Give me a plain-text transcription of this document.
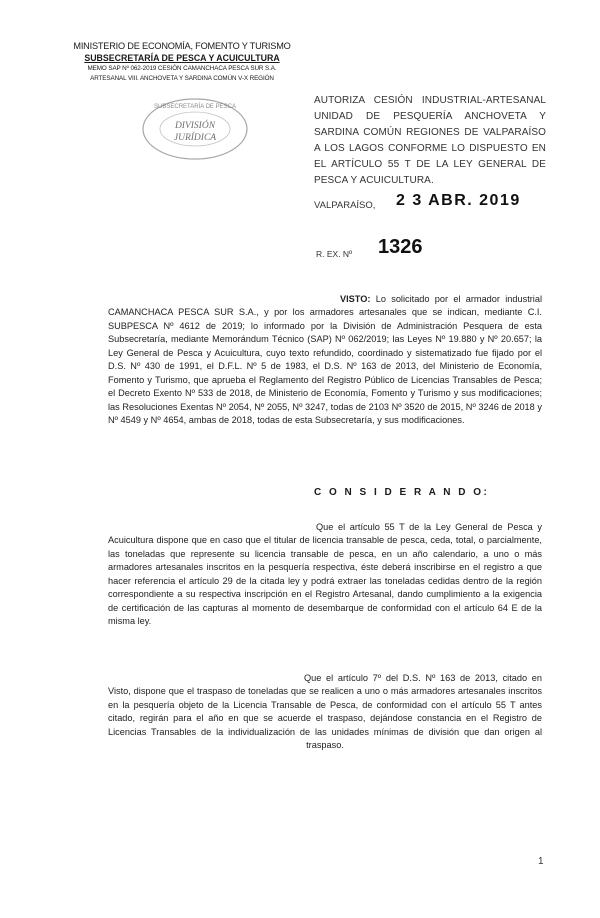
MINISTERIO DE ECONOMÍA, FOMENTO Y TURISMO
SUBSECRETARÍA DE PESCA Y ACUICULTURA
MEMO SAP Nº 062-2019 CESIÓN CAMANCHACA PESCA SUR S.A.
ARTESANAL VIII. ANCHOVETA Y SARDINA COMÚN V-X REGIÓN
SUBSECRETARÍA DE PESCA
DIVISIÓN
JURÍDICA
AUTORIZA CESIÓN INDUSTRIAL-ARTESANAL UNIDAD DE PESQUERÍA ANCHOVETA Y SARDINA COMÚN REGIONES DE VALPARAÍSO A LOS LAGOS CONFORME LO DISPUESTO EN EL ARTÍCULO 55 T DE LA LEY GENERAL DE PESCA Y ACUICULTURA.
VALPARAÍSO, 2 3 ABR. 2019
R. EX. Nº 1326
VISTO: Lo solicitado por el armador industrial CAMANCHACA PESCA SUR S.A., y por los armadores artesanales que se indican, mediante C.I. SUBPESCA Nº 4612 de 2019; lo informado por la División de Administración Pesquera de esta Subsecretaría, mediante Memorándum Técnico (SAP) Nº 062/2019; las Leyes Nº 19.880 y Nº 20.657; la Ley General de Pesca y Acuicultura, cuyo texto refundido, coordinado y sistematizado fue fijado por el D.S. Nº 430 de 1991, el D.F.L. Nº 5 de 1983, el D.S. Nº 163 de 2013, del Ministerio de Economía, Fomento y Turismo, que aprueba el Reglamento del Registro Público de Licencias Transables de Pesca; el Decreto Exento Nº 533 de 2018, de Ministerio de Economía, Fomento y Turismo y sus modificaciones; las Resoluciones Exentas Nº 2054, Nº 2055, Nº 3247, todas de 2103 Nº 3520 de 2015, Nº 3246 de 2018 y Nº 4549 y Nº 4654, ambas de 2018, todas de esta Subsecretaría, y sus modificaciones.
C O N S I D E R A N D O:
Que el artículo 55 T de la Ley General de Pesca y Acuicultura dispone que en caso que el titular de licencia transable de pesca, ceda, total, o parcialmente, las toneladas que represente su licencia transable de pesca, en un año calendario, a uno o más armadores artesanales inscritos en la pesquería respectiva, éste deberá inscribirse en el registro a que hacer referencia el artículo 29 de la citada ley y podrá extraer las toneladas cedidas dentro de la región correspondiente a su respectiva inscripción en el Registro Artesanal, dando cumplimiento a la exigencia de certificación de las capturas al momento de desembarque de conformidad con el artículo 64 E de la misma ley.
Que el artículo 7º del D.S. Nº 163 de 2013, citado en Visto, dispone que el traspaso de toneladas que se realicen a uno o más armadores artesanales inscritos en la pesquería objeto de la Licencia Transable de Pesca, de conformidad con el artículo 55 T antes citado, regirán para el año en que se acuerde el traspaso, dejándose constancia en el Registro de Licencias Transables de la individualización de las unidades mínimas de división que dan origen al traspaso.
1
